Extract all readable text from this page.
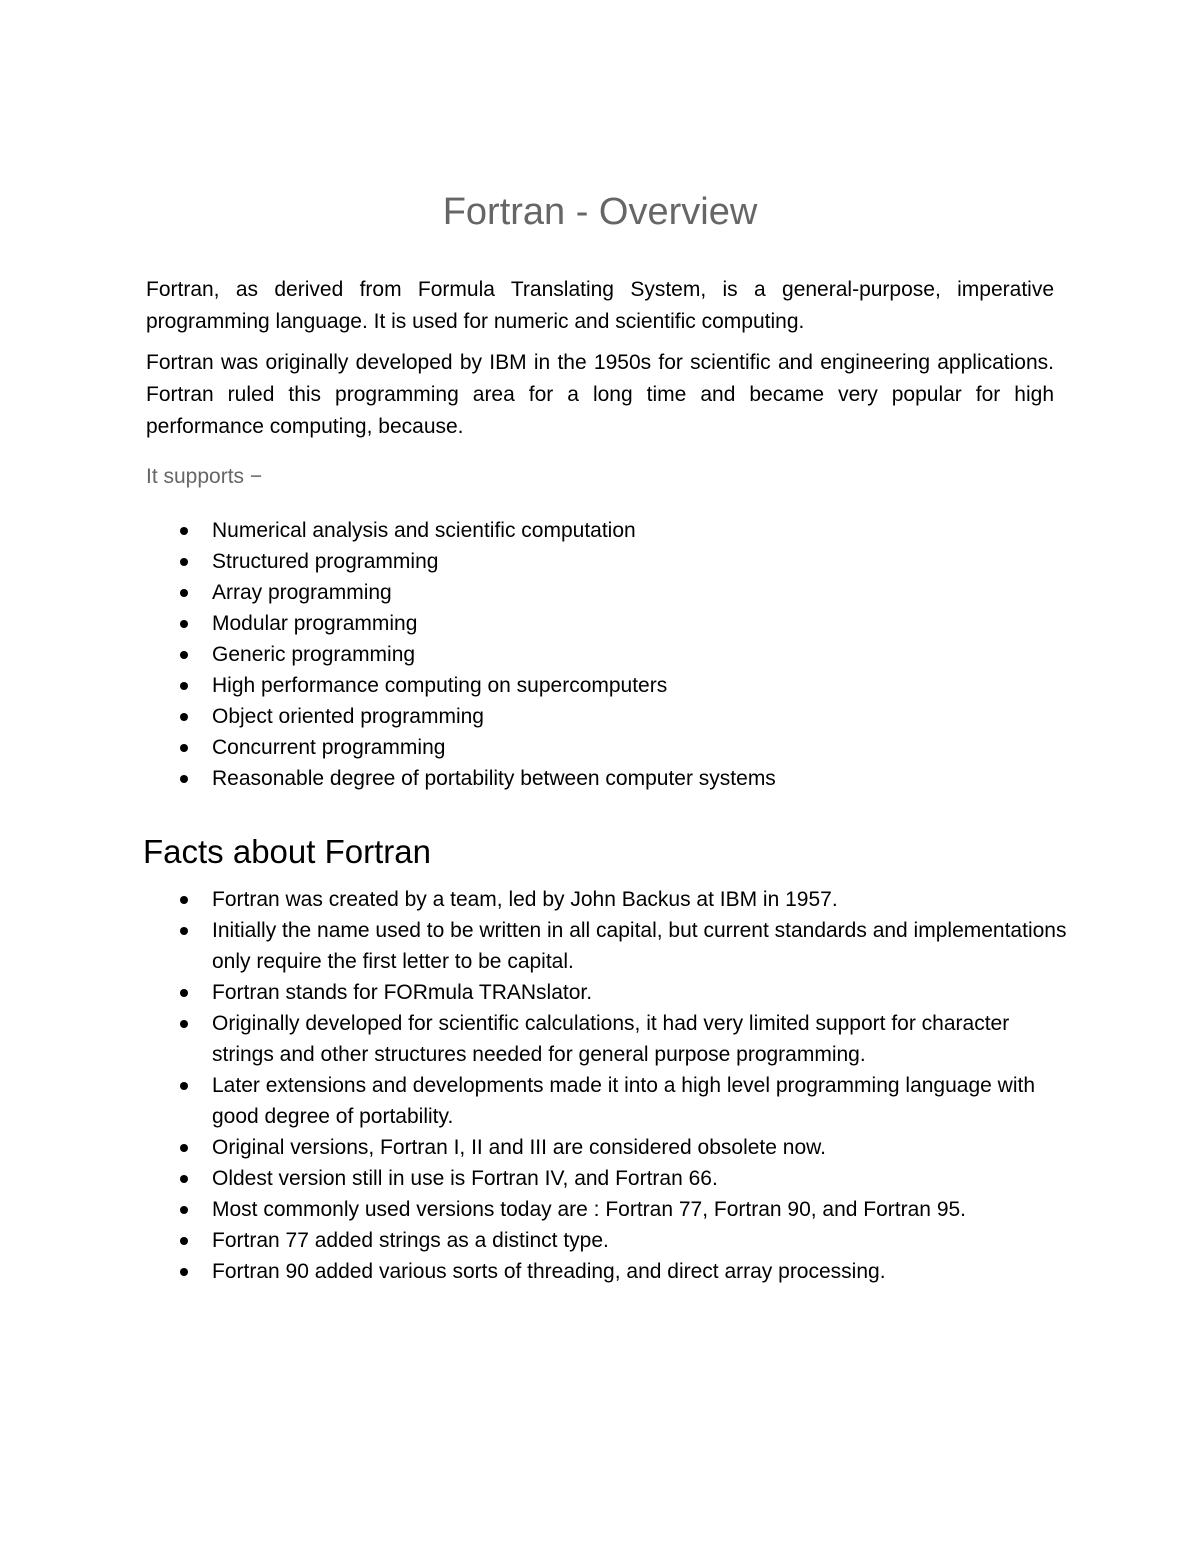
Fortran - Overview

Fortran, as derived from Formula Translating System, is a general-purpose, imperative programming language. It is used for numeric and scientific computing.

Fortran was originally developed by IBM in the 1950s for scientific and engineering applications. Fortran ruled this programming area for a long time and became very popular for high performance computing, because.

It supports −

Numerical analysis and scientific computation
Structured programming
Array programming
Modular programming
Generic programming
High performance computing on supercomputers
Object oriented programming
Concurrent programming
Reasonable degree of portability between computer systems
Facts about Fortran
Fortran was created by a team, led by John Backus at IBM in 1957.
Initially the name used to be written in all capital, but current standards and implementations only require the first letter to be capital.
Fortran stands for FORmula TRANslator.
Originally developed for scientific calculations, it had very limited support for character strings and other structures needed for general purpose programming.
Later extensions and developments made it into a high level programming language with good degree of portability.
Original versions, Fortran I, II and III are considered obsolete now.
Oldest version still in use is Fortran IV, and Fortran 66.
Most commonly used versions today are : Fortran 77, Fortran 90, and Fortran 95.
Fortran 77 added strings as a distinct type.
Fortran 90 added various sorts of threading, and direct array processing.
